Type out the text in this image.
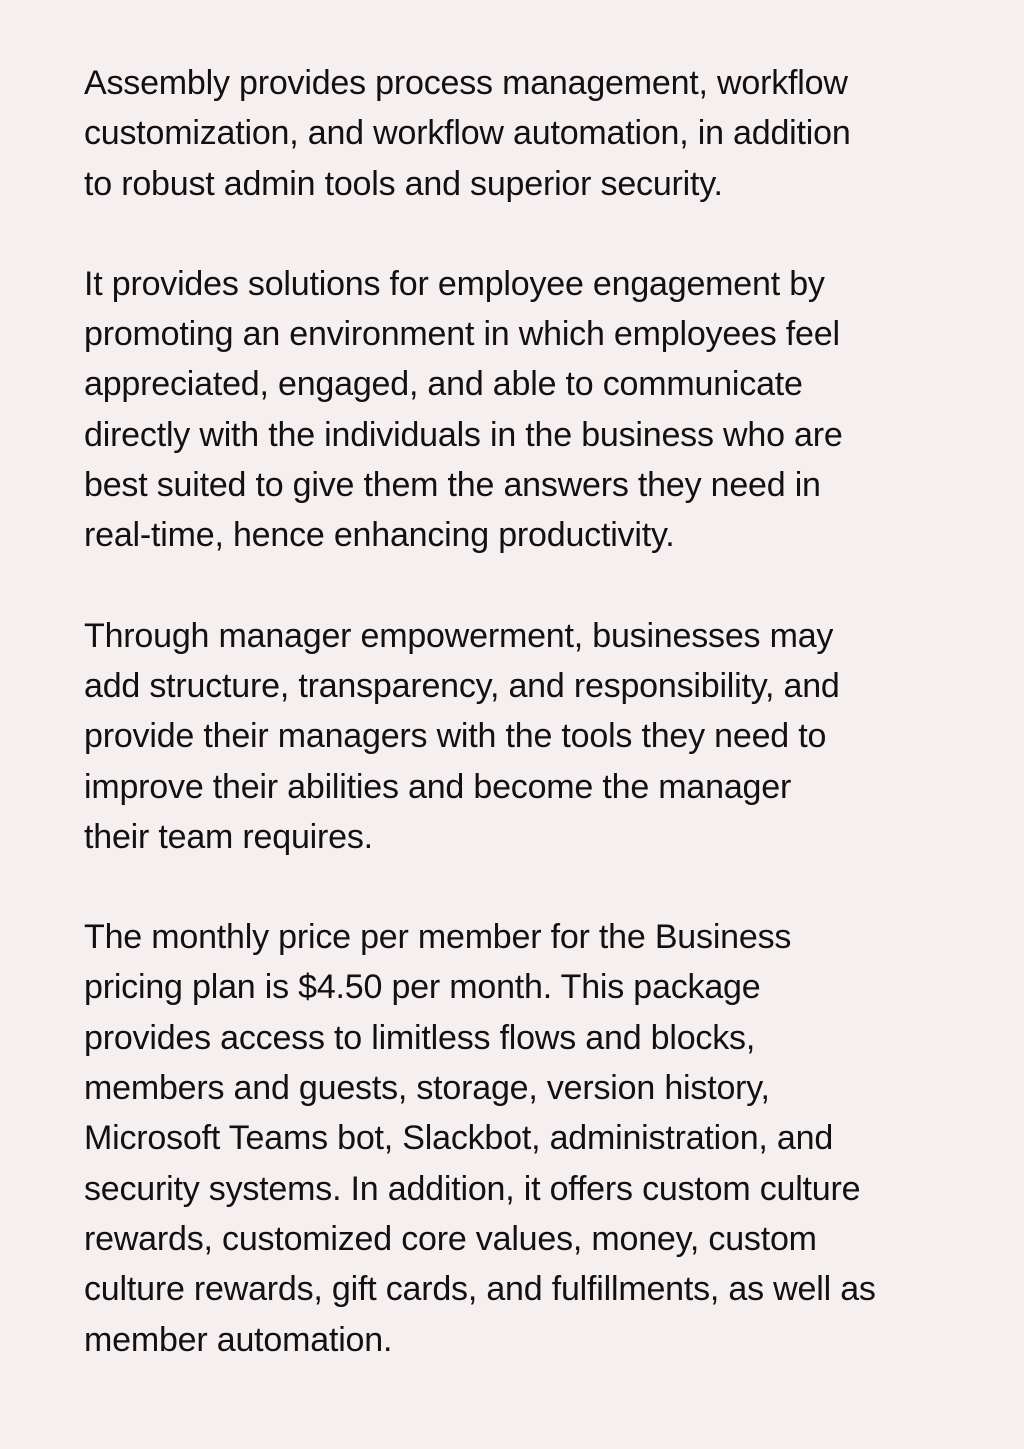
Assembly provides process management, workflow
customization, and workflow automation, in addition
to robust admin tools and superior security.

It provides solutions for employee engagement by
promoting an environment in which employees feel
appreciated, engaged, and able to communicate
directly with the individuals in the business who are
best suited to give them the answers they need in
real-time, hence enhancing productivity.

Through manager empowerment, businesses may
add structure, transparency, and responsibility, and
provide their managers with the tools they need to
improve their abilities and become the manager
their team requires.

The monthly price per member for the Business
pricing plan is $4.50 per month. This package
provides access to limitless flows and blocks,
members and guests, storage, version history,
Microsoft Teams bot, Slackbot, administration, and
security systems. In addition, it offers custom culture
rewards, customized core values, money, custom
culture rewards, gift cards, and fulfillments, as well as
member automation.
